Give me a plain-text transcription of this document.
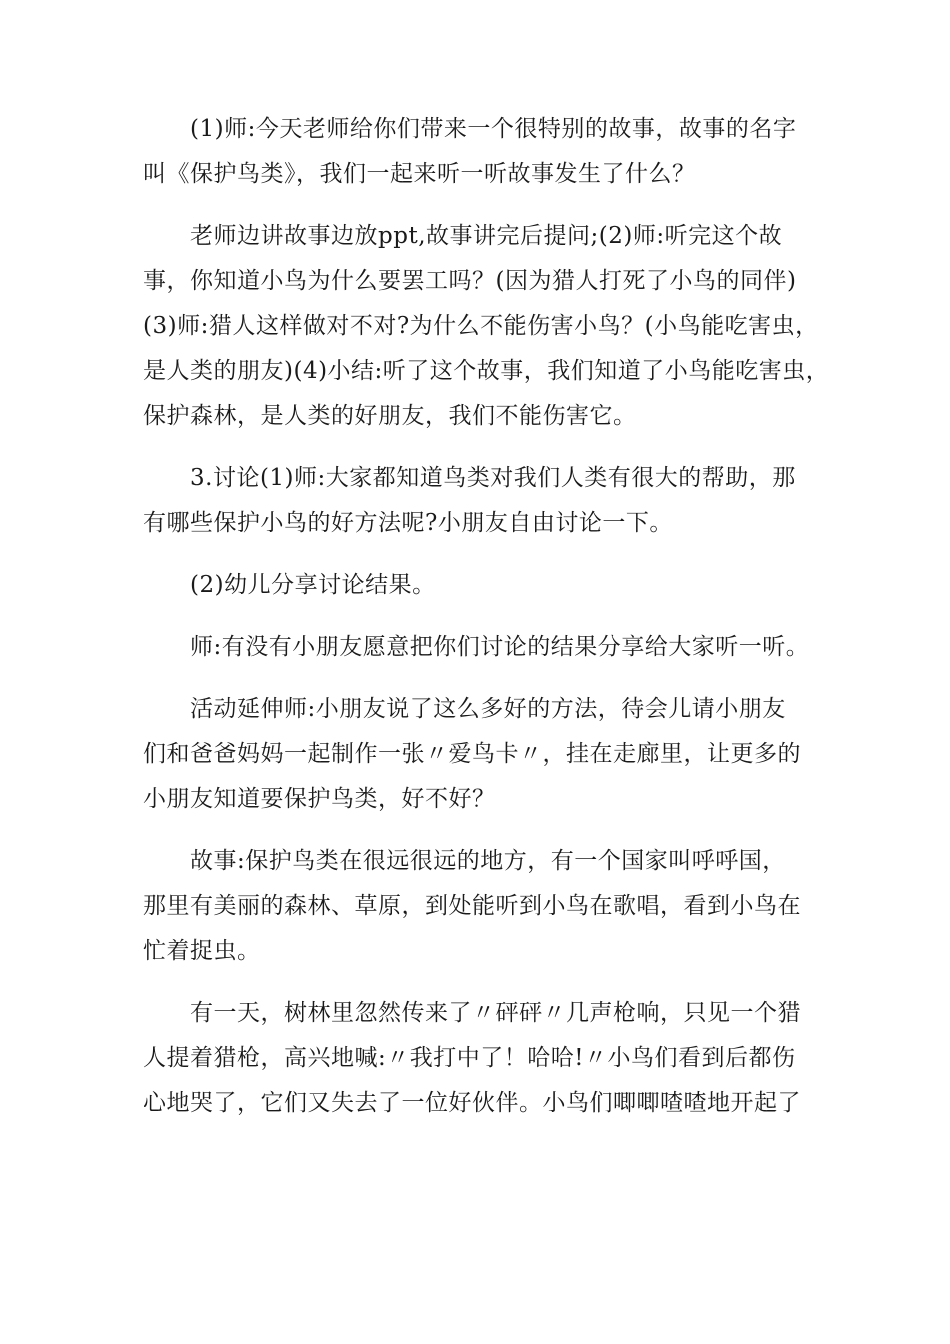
(1)师:今天老师给你们带来一个很特别的故事，故事的名字
叫《保护鸟类》，我们一起来听一听故事发生了什么？

老师边讲故事边放ppt,故事讲完后提问;(2)师:听完这个故
事，你知道小鸟为什么要罢工吗？(因为猎人打死了小鸟的同伴)
(3)师:猎人这样做对不对?为什么不能伤害小鸟？(小鸟能吃害虫，
是人类的朋友)(4)小结:听了这个故事，我们知道了小鸟能吃害虫，
保护森林，是人类的好朋友，我们不能伤害它。

3.讨论(1)师:大家都知道鸟类对我们人类有很大的帮助，那
有哪些保护小鸟的好方法呢?小朋友自由讨论一下。

(2)幼儿分享讨论结果。

师:有没有小朋友愿意把你们讨论的结果分享给大家听一听。

活动延伸师:小朋友说了这么多好的方法，待会儿请小朋友
们和爸爸妈妈一起制作一张〃爱鸟卡〃，挂在走廊里，让更多的
小朋友知道要保护鸟类，好不好？

故事:保护鸟类在很远很远的地方，有一个国家叫呼呼国，
那里有美丽的森林、草原，到处能听到小鸟在歌唱，看到小鸟在
忙着捉虫。

有一天，树林里忽然传来了〃砰砰〃几声枪响，只见一个猎
人提着猎枪，高兴地喊:〃我打中了！哈哈!〃小鸟们看到后都伤
心地哭了，它们又失去了一位好伙伴。小鸟们唧唧喳喳地开起了
